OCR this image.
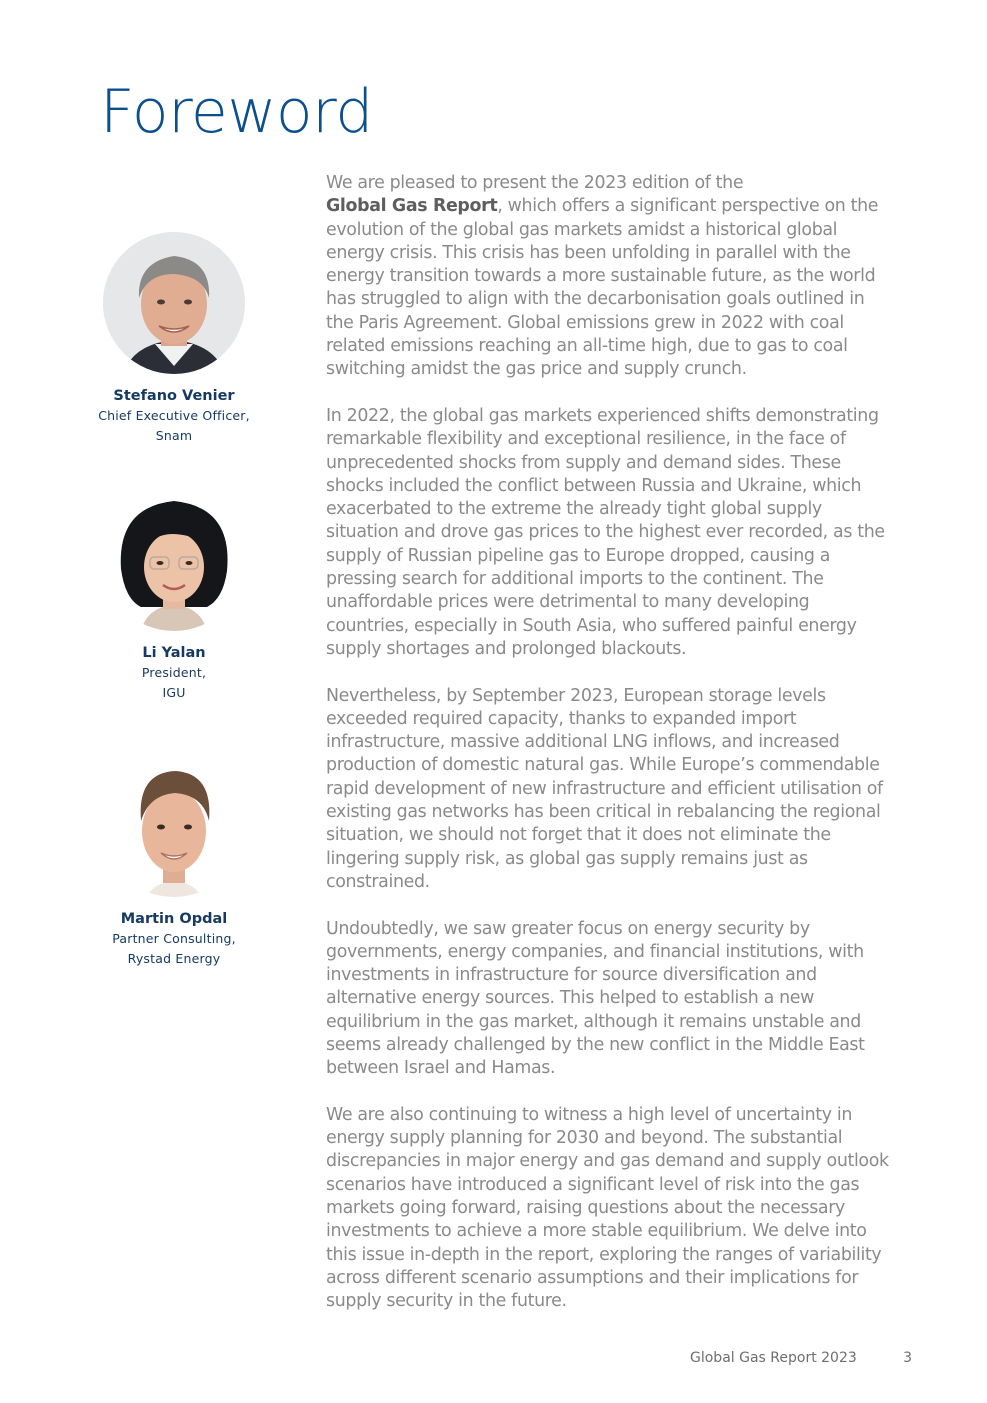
Foreword
Stefano Venier
Chief Executive Officer,
Snam
Li Yalan
President,
IGU
Martin Opdal
Partner Consulting,
Rystad Energy

We are pleased to present the 2023 edition of the
Global Gas Report, which offers a significant perspective on the evolution of the global gas markets amidst a historical global energy crisis. This crisis has been unfolding in parallel with the energy transition towards a more sustainable future, as the world has struggled to align with the decarbonisation goals outlined in the Paris Agreement. Global emissions grew in 2022 with coal related emissions reaching an all-time high, due to gas to coal switching amidst the gas price and supply crunch.

In 2022, the global gas markets experienced shifts demonstrating remarkable flexibility and exceptional resilience, in the face of unprecedented shocks from supply and demand sides. These shocks included the conflict between Russia and Ukraine, which exacerbated to the extreme the already tight global supply situation and drove gas prices to the highest ever recorded, as the supply of Russian pipeline gas to Europe dropped, causing a pressing search for additional imports to the continent. The unaffordable prices were detrimental to many developing countries, especially in South Asia, who suffered painful energy supply shortages and prolonged blackouts.

Nevertheless, by September 2023, European storage levels exceeded required capacity, thanks to expanded import infrastructure, massive additional LNG inflows, and increased production of domestic natural gas. While Europe’s commendable rapid development of new infrastructure and efficient utilisation of existing gas networks has been critical in rebalancing the regional situation, we should not forget that it does not eliminate the lingering supply risk, as global gas supply remains just as constrained.

Undoubtedly, we saw greater focus on energy security by governments, energy companies, and financial institutions, with investments in infrastructure for source diversification and alternative energy sources. This helped to establish a new equilibrium in the gas market, although it remains unstable and seems already challenged by the new conflict in the Middle East between Israel and Hamas.

We are also continuing to witness a high level of uncertainty in energy supply planning for 2030 and beyond. The substantial discrepancies in major energy and gas demand and supply outlook scenarios have introduced a significant level of risk into the gas markets going forward, raising questions about the necessary investments to achieve a more stable equilibrium. We delve into this issue in-depth in the report, exploring the ranges of variability across different scenario assumptions and their implications for supply security in the future.

Global Gas Report 2023	3
